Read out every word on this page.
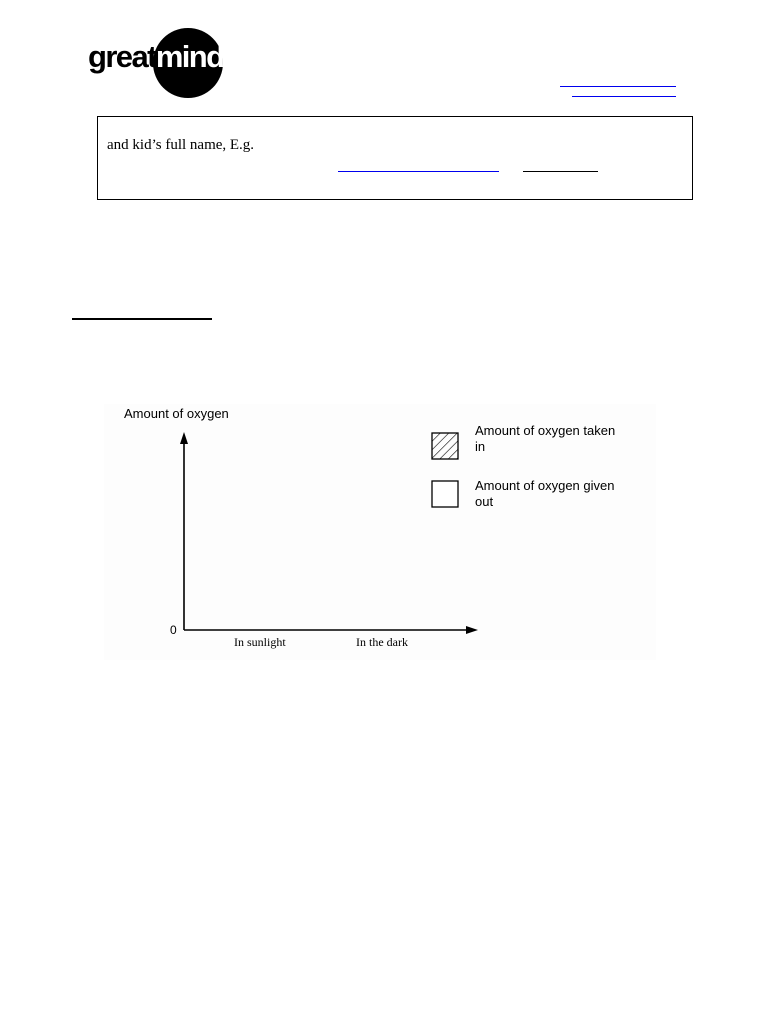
greatminds
and kid’s full name, E.g.
Amount of oxygen
0
In sunlight	In the dark
Amount of oxygen taken in
Amount of oxygen given out
